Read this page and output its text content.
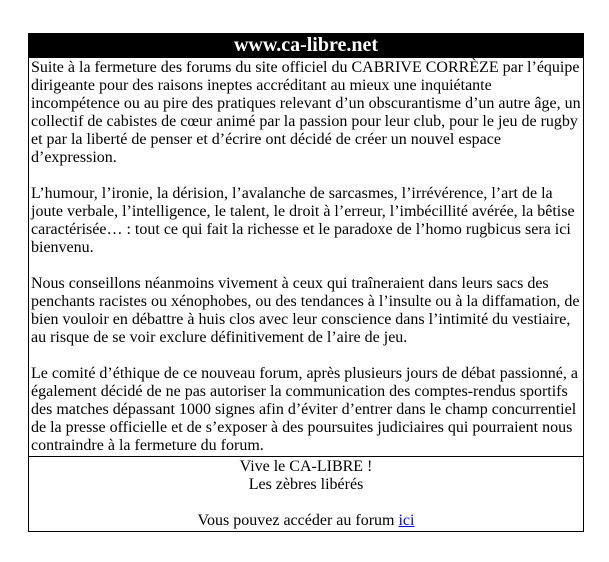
www.ca-libre.net

Suite à la fermeture des forums du site officiel du CABRIVE CORRÈZE par l’équipe dirigeante pour des raisons ineptes accréditant au mieux une inquiétante incompétence ou au pire des pratiques relevant d’un obscurantisme d’un autre âge, un collectif de cabistes de cœur animé par la passion pour leur club, pour le jeu de rugby et par la liberté de penser et d’écrire ont décidé de créer un nouvel espace d’expression.

L’humour, l’ironie, la dérision, l’avalanche de sarcasmes, l’irrévérence, l’art de la joute verbale, l’intelligence, le talent, le droit à l’erreur, l’imbécillité avérée, la bêtise caractérisée… : tout ce qui fait la richesse et le paradoxe de l’homo rugbicus sera ici bienvenu.

Nous conseillons néanmoins vivement à ceux qui traîneraient dans leurs sacs des penchants racistes ou xénophobes, ou des tendances à l’insulte ou à la diffamation, de bien vouloir en débattre à huis clos avec leur conscience dans l’intimité du vestiaire, au risque de se voir exclure définitivement de l’aire de jeu.

Le comité d’éthique de ce nouveau forum, après plusieurs jours de débat passionné, a également décidé de ne pas autoriser la communication des comptes-rendus sportifs des matches dépassant 1000 signes afin d’éviter d’entrer dans le champ concurrentiel de la presse officielle et de s’exposer à des poursuites judiciaires qui pourraient nous contraindre à la fermeture du forum.

Vive le CA-LIBRE !
Les zèbres libérés
Vous pouvez accéder au forum ici
